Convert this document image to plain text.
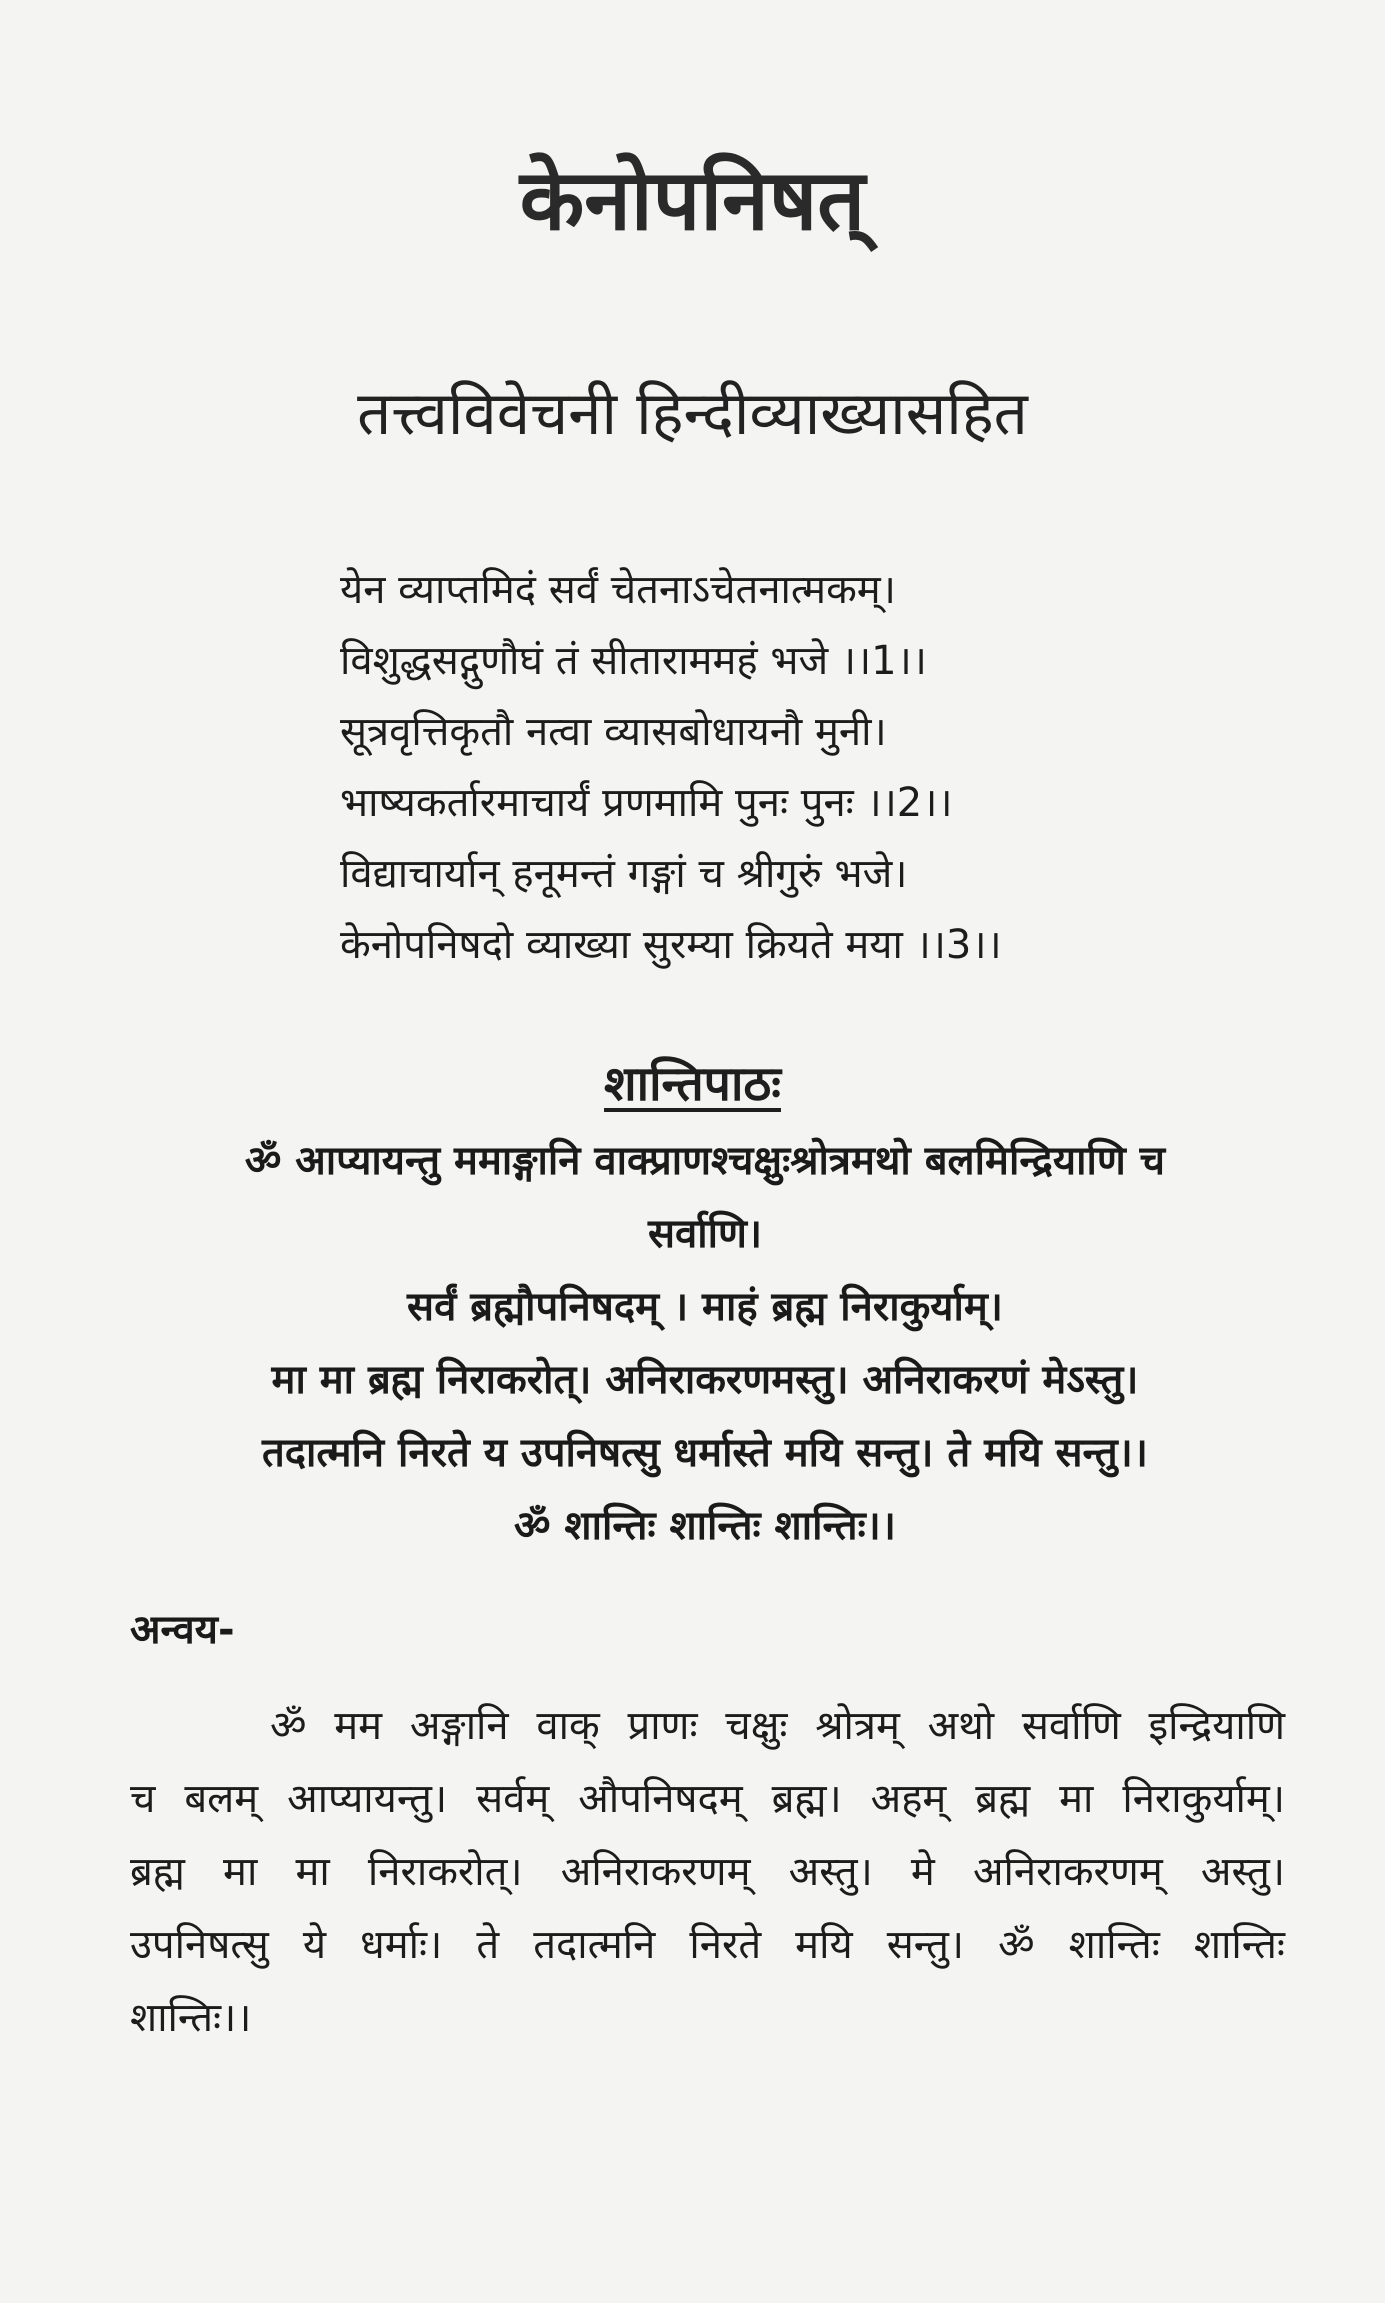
केनोपनिषत्
तत्त्वविवेचनी हिन्दीव्याख्यासहित
येन व्याप्तमिदं सर्वं चेतनाऽचेतनात्मकम्।
विशुद्धसद्गुणौघं तं सीताराममहं भजे ।।1।।
सूत्रवृत्तिकृतौ नत्वा व्यासबोधायनौ मुनी।
भाष्यकर्तारमाचार्यं प्रणमामि पुनः पुनः ।।2।।
विद्याचार्यान् हनूमन्तं गङ्गां च श्रीगुरुं भजे।
केनोपनिषदो व्याख्या सुरम्या क्रियते मया ।।3।।
शान्तिपाठः
ॐ आप्यायन्तु ममाङ्गानि वाक्प्राणश्चक्षुःश्रोत्रमथो बलमिन्द्रियाणि च
सर्वाणि।
सर्वं ब्रह्मौपनिषदम् । माहं ब्रह्म निराकुर्याम्।
मा मा ब्रह्म निराकरोत्। अनिराकरणमस्तु। अनिराकरणं मेऽस्तु।
तदात्मनि निरते य उपनिषत्सु धर्मास्ते मयि सन्तु। ते मयि सन्तु।।
ॐ शान्तिः शान्तिः शान्तिः।।
अन्वय-
ॐ मम अङ्गानि वाक् प्राणः चक्षुः श्रोत्रम् अथो सर्वाणि इन्द्रियाणि
च बलम् आप्यायन्तु। सर्वम् औपनिषदम् ब्रह्म। अहम् ब्रह्म मा निराकुर्याम्।
ब्रह्म मा मा निराकरोत्। अनिराकरणम् अस्तु। मे अनिराकरणम् अस्तु।
उपनिषत्सु ये धर्माः। ते तदात्मनि निरते मयि सन्तु। ॐ शान्तिः शान्तिः
शान्तिः।।
